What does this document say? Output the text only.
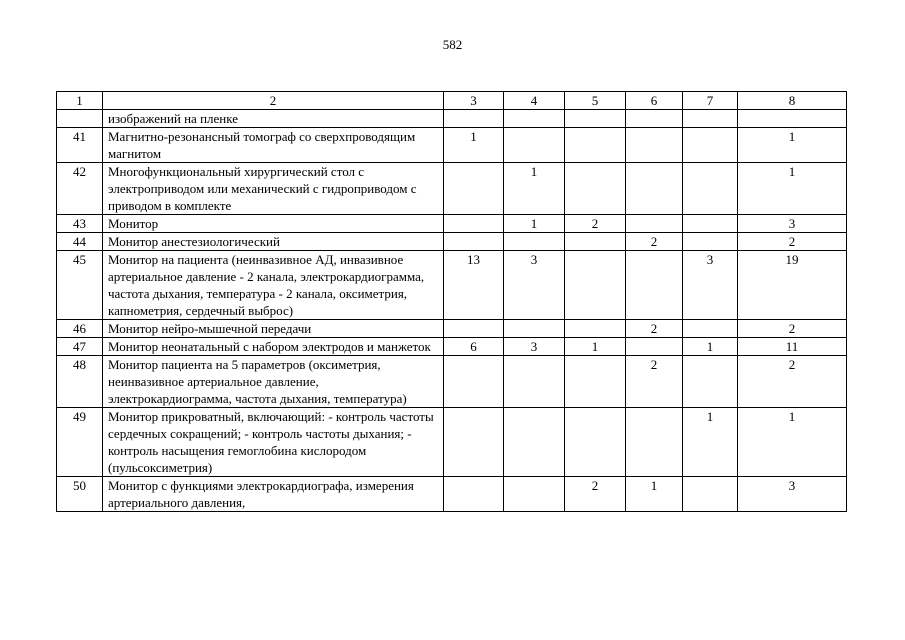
582
1	2	3	4	5	6	7	8
	изображений на пленке						
41	Магнитно-резонансный томограф со сверхпроводящим магнитом	1					1
42	Многофункциональный хирургический стол с электроприводом или механический с гидроприводом с приводом в комплекте		1				1
43	Монитор		1	2			3
44	Монитор анестезиологический				2		2
45	Монитор на пациента (неинвазивное АД, инвазивное артериальное давление - 2 канала, электрокардиограмма, частота дыхания, температура - 2 канала, оксиметрия, капнометрия, сердечный выброс)	13	3			3	19
46	Монитор нейро-мышечной передачи				2		2
47	Монитор неонатальный с набором электродов и манжеток	6	3	1		1	11
48	Монитор пациента на 5 параметров (оксиметрия, неинвазивное артериальное давление, электрокардиограмма, частота дыхания, температура)				2		2
49	Монитор прикроватный, включающий: - контроль частоты сердечных сокращений; - контроль частоты дыхания; - контроль насыщения гемоглобина кислородом (пульсоксиметрия)					1	1
50	Монитор с функциями электрокардиографа, измерения артериального давления,			2	1		3
